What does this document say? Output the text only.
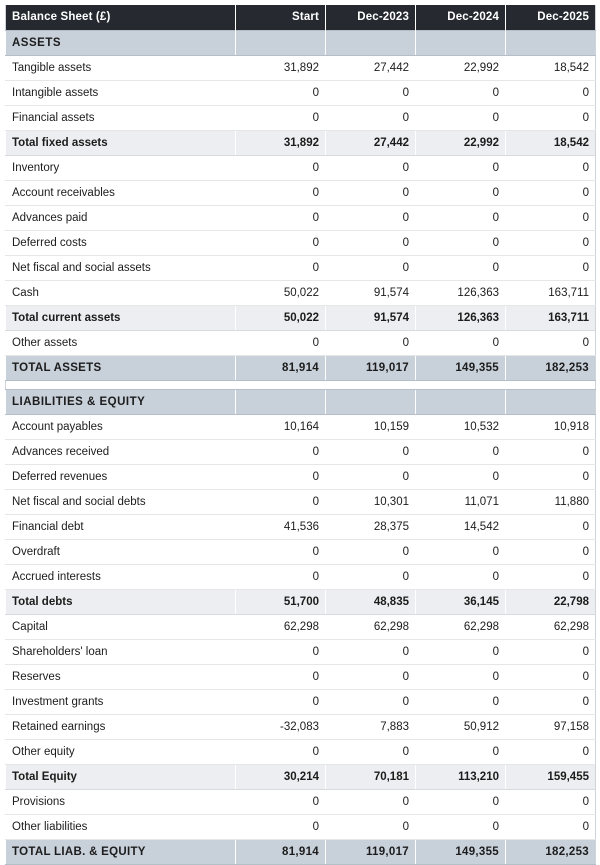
Balance Sheet (£)	Start	Dec-2023	Dec-2024	Dec-2025
ASSETS				
Tangible assets	31,892	27,442	22,992	18,542
Intangible assets	0	0	0	0
Financial assets	0	0	0	0
Total fixed assets	31,892	27,442	22,992	18,542
Inventory	0	0	0	0
Account receivables	0	0	0	0
Advances paid	0	0	0	0
Deferred costs	0	0	0	0
Net fiscal and social assets	0	0	0	0
Cash	50,022	91,574	126,363	163,711
Total current assets	50,022	91,574	126,363	163,711
Other assets	0	0	0	0
TOTAL ASSETS	81,914	119,017	149,355	182,253

LIABILITIES & EQUITY				
Account payables	10,164	10,159	10,532	10,918
Advances received	0	0	0	0
Deferred revenues	0	0	0	0
Net fiscal and social debts	0	10,301	11,071	11,880
Financial debt	41,536	28,375	14,542	0
Overdraft	0	0	0	0
Accrued interests	0	0	0	0
Total debts	51,700	48,835	36,145	22,798
Capital	62,298	62,298	62,298	62,298
Shareholders' loan	0	0	0	0
Reserves	0	0	0	0
Investment grants	0	0	0	0
Retained earnings	-32,083	7,883	50,912	97,158
Other equity	0	0	0	0
Total Equity	30,214	70,181	113,210	159,455
Provisions	0	0	0	0
Other liabilities	0	0	0	0
TOTAL LIAB. & EQUITY	81,914	119,017	149,355	182,253
